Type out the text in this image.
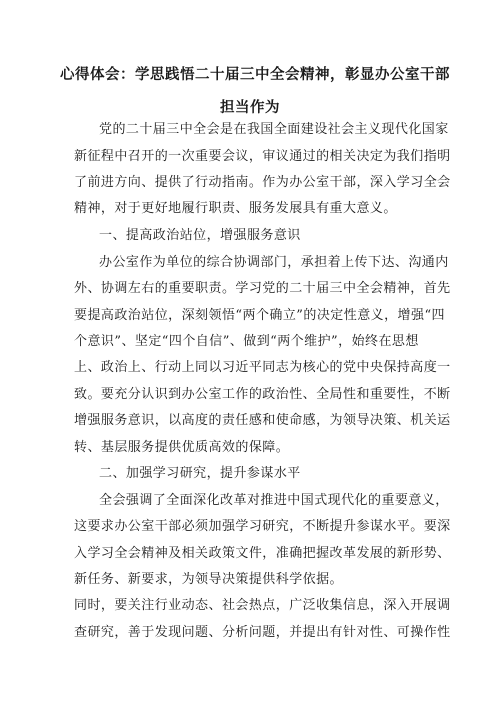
心得体会：学思践悟二十届三中全会精神，彰显办公室干部
担当作为
党的二十届三中全会是在我国全面建设社会主义现代化国家
新征程中召开的一次重要会议，审议通过的相关决定为我们指明
了前进方向、提供了行动指南。作为办公室干部，深入学习全会
精神，对于更好地履行职责、服务发展具有重大意义。
一、提高政治站位，增强服务意识
办公室作为单位的综合协调部门，承担着上传下达、沟通内
外、协调左右的重要职责。学习党的二十届三中全会精神，首先
要提高政治站位，深刻领悟“两个确立”的决定性意义，增强“四
个意识”、坚定“四个自信”、做到“两个维护”，始终在思想
上、政治上、行动上同以习近平同志为核心的党中央保持高度一
致。要充分认识到办公室工作的政治性、全局性和重要性，不断
增强服务意识，以高度的责任感和使命感，为领导决策、机关运
转、基层服务提供优质高效的保障。
二、加强学习研究，提升参谋水平
全会强调了全面深化改革对推进中国式现代化的重要意义，
这要求办公室干部必须加强学习研究，不断提升参谋水平。要深
入学习全会精神及相关政策文件，准确把握改革发展的新形势、
新任务、新要求，为领导决策提供科学依据。
同时，要关注行业动态、社会热点，广泛收集信息，深入开展调
查研究，善于发现问题、分析问题，并提出有针对性、可操作性
